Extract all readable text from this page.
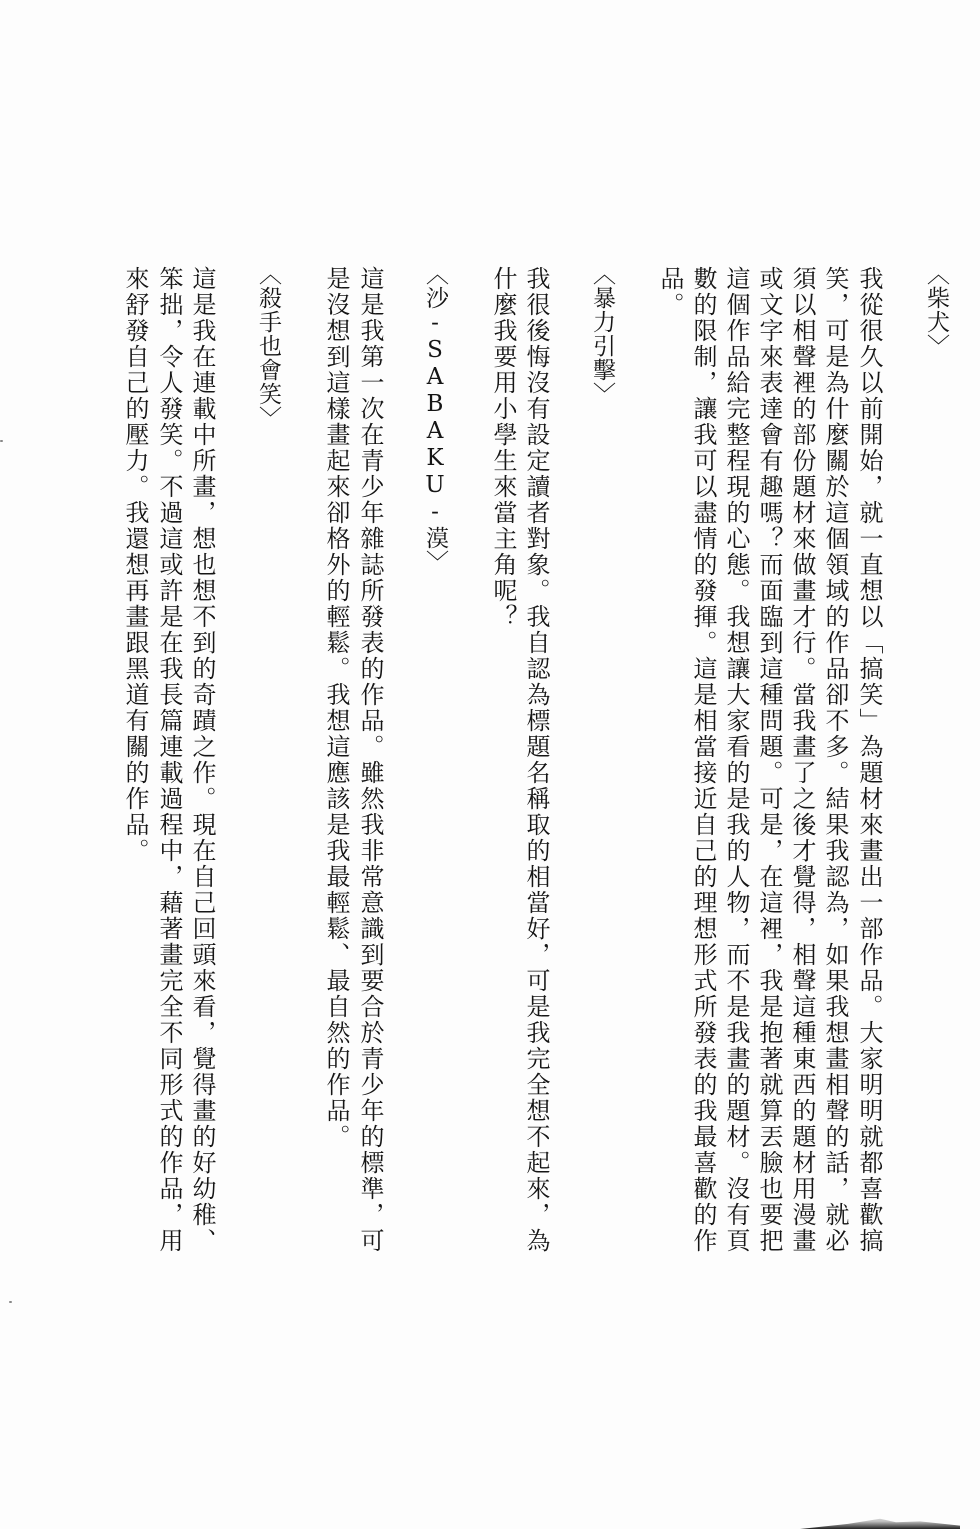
〈柴犬〉
我從很久以前開始，就一直想以「搞笑」為題材來畫出一部作品。大家明明就都喜歡搞
笑，可是為什麼關於這個領域的作品卻不多。結果我認為，如果我想畫相聲的話，就必
須以相聲裡的部份題材來做畫才行。當我畫了之後才覺得，相聲這種東西的題材用漫畫
或文字來表達會有趣嗎？而面臨到這種問題。可是，在這裡，我是抱著就算丟臉也要把
這個作品給完整程現的心態。我想讓大家看的是我的人物，而不是我畫的題材。沒有頁
數的限制，讓我可以盡情的發揮。這是相當接近自己的理想形式所發表的我最喜歡的作
品。
〈暴力引擊〉
我很後悔沒有設定讀者對象。我自認為標題名稱取的相當好，可是我完全想不起來，為
什麼我要用小學生來當主角呢？
〈沙-SABAKU-漠〉
這是我第一次在青少年雜誌所發表的作品。雖然我非常意識到要合於青少年的標準，可
是沒想到這樣畫起來卻格外的輕鬆。我想這應該是我最輕鬆、最自然的作品。
〈殺手也會笑〉
這是我在連載中所畫，想也想不到的奇蹟之作。現在自己回頭來看，覺得畫的好幼稚、
笨拙，令人發笑。不過這或許是在我長篇連載過程中，藉著畫完全不同形式的作品，用
來舒發自己的壓力。我還想再畫跟黑道有關的作品。
